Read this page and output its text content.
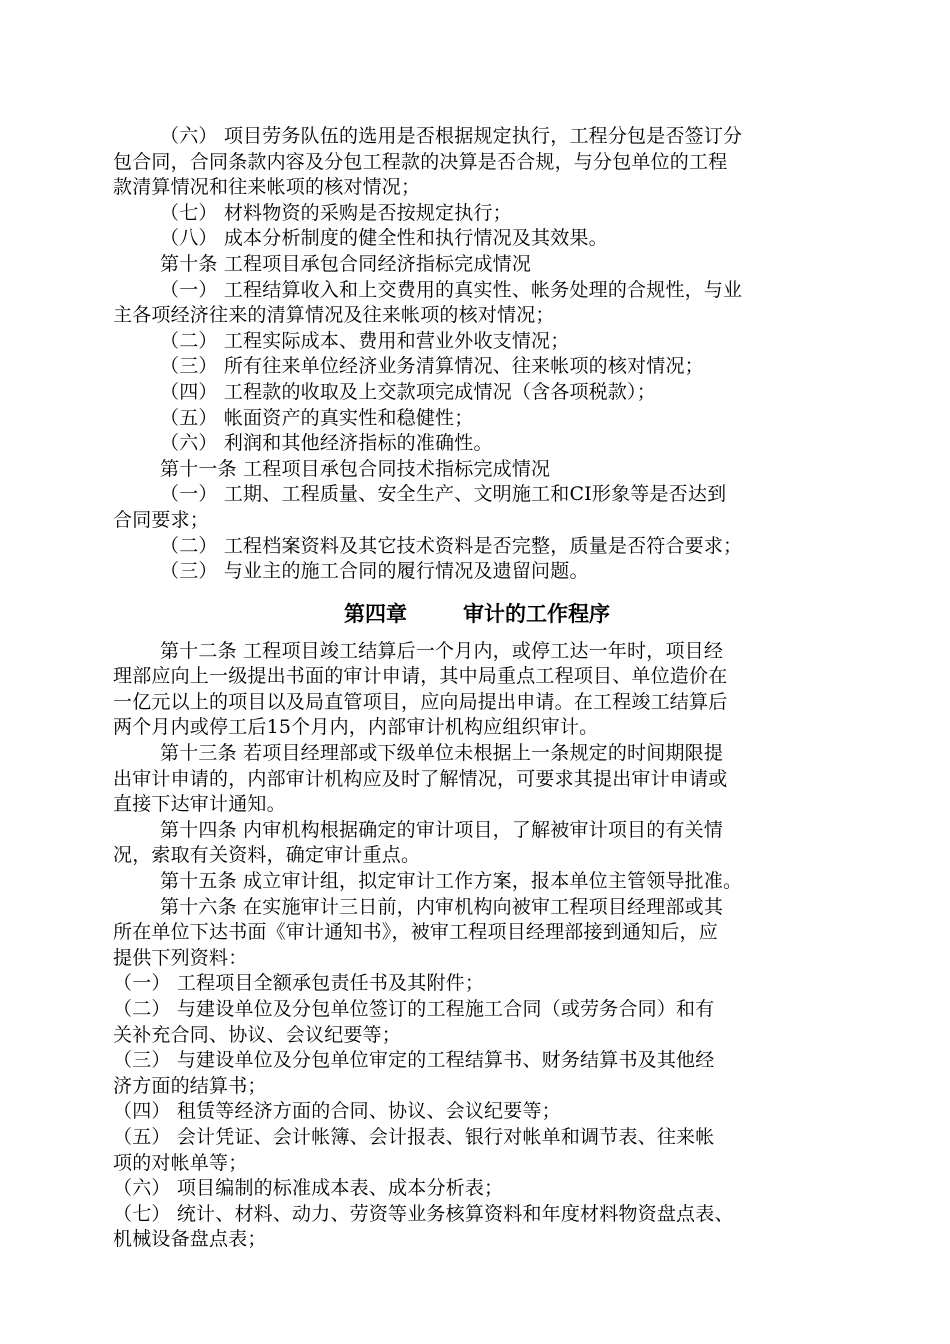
（六） 项目劳务队伍的选用是否根据规定执行，工程分包是否签订分
包合同，合同条款内容及分包工程款的决算是否合规，与分包单位的工程
款清算情况和往来帐项的核对情况；
（七） 材料物资的采购是否按规定执行；
（八） 成本分析制度的健全性和执行情况及其效果。
第十条 工程项目承包合同经济指标完成情况
（一） 工程结算收入和上交费用的真实性、帐务处理的合规性，与业
主各项经济往来的清算情况及往来帐项的核对情况；
（二） 工程实际成本、费用和营业外收支情况；
（三） 所有往来单位经济业务清算情况、往来帐项的核对情况；
（四） 工程款的收取及上交款项完成情况（含各项税款）；
（五） 帐面资产的真实性和稳健性；
（六） 利润和其他经济指标的准确性。
第十一条 工程项目承包合同技术指标完成情况
（一） 工期、工程质量、安全生产、文明施工和CI形象等是否达到
合同要求；
（二） 工程档案资料及其它技术资料是否完整，质量是否符合要求；
（三） 与业主的施工合同的履行情况及遗留问题。
第四章	审计的工作程序
第十二条 工程项目竣工结算后一个月内，或停工达一年时，项目经
理部应向上一级提出书面的审计申请，其中局重点工程项目、单位造价在
一亿元以上的项目以及局直管项目，应向局提出申请。在工程竣工结算后
两个月内或停工后15个月内，内部审计机构应组织审计。
第十三条 若项目经理部或下级单位未根据上一条规定的时间期限提
出审计申请的，内部审计机构应及时了解情况，可要求其提出审计申请或
直接下达审计通知。
第十四条 内审机构根据确定的审计项目，了解被审计项目的有关情
况，索取有关资料，确定审计重点。
第十五条 成立审计组，拟定审计工作方案，报本单位主管领导批准。
第十六条 在实施审计三日前，内审机构向被审工程项目经理部或其
所在单位下达书面《审计通知书》，被审工程项目经理部接到通知后，应
提供下列资料：
（一） 工程项目全额承包责任书及其附件；
（二） 与建设单位及分包单位签订的工程施工合同（或劳务合同）和有
关补充合同、协议、会议纪要等；
（三） 与建设单位及分包单位审定的工程结算书、财务结算书及其他经
济方面的结算书；
（四） 租赁等经济方面的合同、协议、会议纪要等；
（五） 会计凭证、会计帐簿、会计报表、银行对帐单和调节表、往来帐
项的对帐单等；
（六） 项目编制的标准成本表、成本分析表；
（七） 统计、材料、动力、劳资等业务核算资料和年度材料物资盘点表、
机械设备盘点表；
